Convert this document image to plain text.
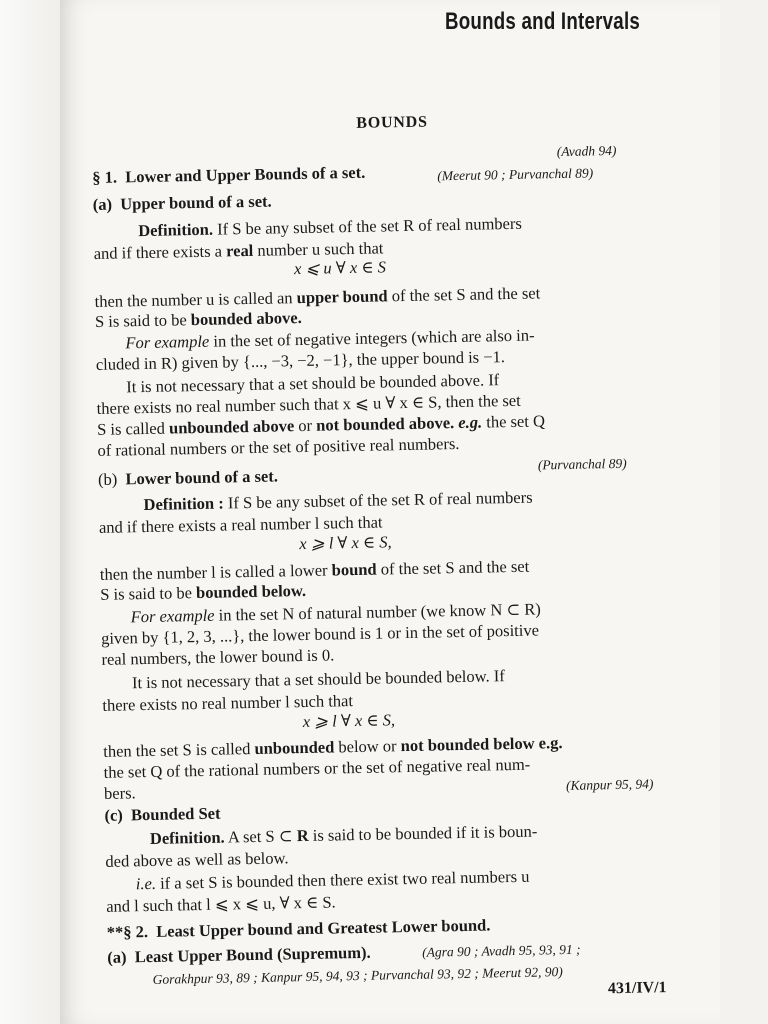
Bounds and Intervals
BOUNDS
(Avadh 94)
§ 1. Lower and Upper Bounds of a set.	(Meerut 90 ; Purvanchal 89)
(a) Upper bound of a set.
Definition. If S be any subset of the set R of real numbers
and if there exists a real number u such that
x ⩽ u ∀ x ∈ S
then the number u is called an upper bound of the set S and the set
S is said to be bounded above.
For example in the set of negative integers (which are also in-
cluded in R) given by {..., −3, −2, −1}, the upper bound is −1.
It is not necessary that a set should be bounded above. If
there exists no real number such that x ⩽ u ∀ x ∈ S, then the set
S is called unbounded above or not bounded above. e.g. the set Q
of rational numbers or the set of positive real numbers.
(Purvanchal 89)
(b) Lower bound of a set.
Definition : If S be any subset of the set R of real numbers
and if there exists a real number l such that
x ⩾ l ∀ x ∈ S,
then the number l is called a lower bound of the set S and the set
S is said to be bounded below.
For example in the set N of natural number (we know N ⊂ R)
given by {1, 2, 3, ...}, the lower bound is 1 or in the set of positive
real numbers, the lower bound is 0.
It is not necessary that a set should be bounded below. If
there exists no real number l such that
x ⩾ l ∀ x ∈ S,
then the set S is called unbounded below or not bounded below e.g.
the set Q of the rational numbers or the set of negative real num-
bers.	(Kanpur 95, 94)
(c) Bounded Set
Definition. A set S ⊂ R is said to be bounded if it is boun-
ded above as well as below.
i.e. if a set S is bounded then there exist two real numbers u
and l such that l ⩽ x ⩽ u, ∀ x ∈ S.
**§ 2. Least Upper bound and Greatest Lower bound.
(a) Least Upper Bound (Supremum).	(Agra 90 ; Avadh 95, 93, 91 ;
Gorakhpur 93, 89 ; Kanpur 95, 94, 93 ; Purvanchal 93, 92 ; Meerut 92, 90)
431/IV/1
